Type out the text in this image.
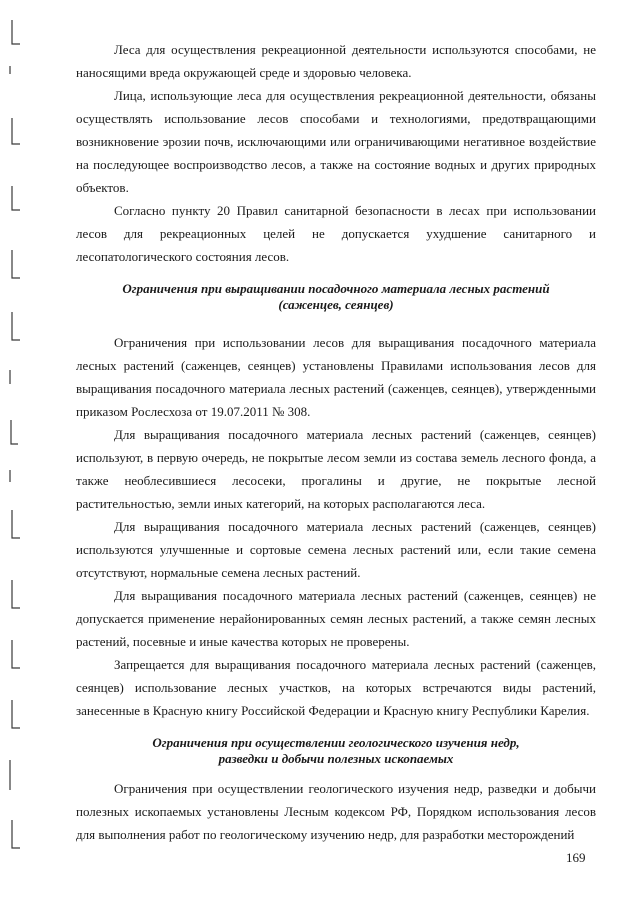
Леса для осуществления рекреационной деятельности используются способами, не наносящими вреда окружающей среде и здоровью человека.

Лица, использующие леса для осуществления рекреационной деятельности, обязаны осуществлять использование лесов способами и технологиями, предотвращающими возникновение эрозии почв, исключающими или ограничивающими негативное воздействие на последующее воспроизводство лесов, а также на состояние водных и других природных объектов.

Согласно пункту 20 Правил санитарной безопасности в лесах при использовании лесов для рекреационных целей не допускается ухудшение санитарного и лесопатологического состояния лесов.

Ограничения при выращивании посадочного материала лесных растений
(саженцев, сеянцев)

Ограничения при использовании лесов для выращивания посадочного материала лесных растений (саженцев, сеянцев) установлены Правилами использования лесов для выращивания посадочного материала лесных растений (саженцев, сеянцев), утвержденными приказом Рослесхоза от 19.07.2011 № 308.

Для выращивания посадочного материала лесных растений (саженцев, сеянцев) используют, в первую очередь, не покрытые лесом земли из состава земель лесного фонда, а также необлесившиеся лесосеки, прогалины и другие, не покрытые лесной растительностью, земли иных категорий, на которых располагаются леса.

Для выращивания посадочного материала лесных растений (саженцев, сеянцев) используются улучшенные и сортовые семена лесных растений или, если такие семена отсутствуют, нормальные семена лесных растений.

Для выращивания посадочного материала лесных растений (саженцев, сеянцев) не допускается применение нерайонированных семян лесных растений, а также семян лесных растений, посевные и иные качества которых не проверены.

Запрещается для выращивания посадочного материала лесных растений (саженцев, сеянцев) использование лесных участков, на которых встречаются виды растений, занесенные в Красную книгу Российской Федерации и Красную книгу Республики Карелия.

Ограничения при осуществлении геологического изучения недр,
разведки и добычи полезных ископаемых

Ограничения при осуществлении геологического изучения недр, разведки и добычи полезных ископаемых установлены Лесным кодексом РФ, Порядком использования лесов для выполнения работ по геологическому изучению недр, для разработки месторождений

169
